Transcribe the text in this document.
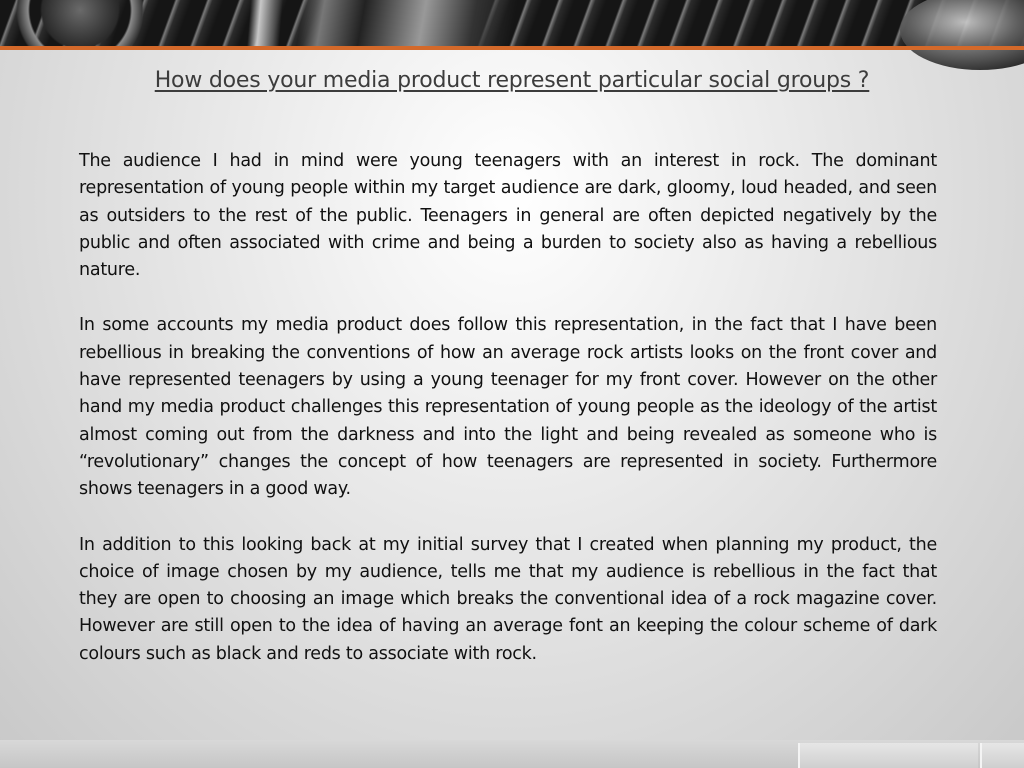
How does your media product represent particular social groups ?

The audience I had in mind were young teenagers with an interest in rock. The dominant representation of young people within my target audience are dark, gloomy, loud headed, and seen as outsiders to the rest of the public. Teenagers in general are often depicted negatively by the public and often associated with crime and being a burden to society also as having a rebellious nature.

In some accounts my media product does follow this representation, in the fact that I have been rebellious in breaking the conventions of how an average rock artists looks on the front cover and have represented teenagers by using a young teenager for my front cover. However on the other hand my media product challenges this representation of young people as the ideology of the artist almost coming out from the darkness and into the light and being revealed as someone who is “revolutionary” changes the concept of how teenagers are represented in society. Furthermore shows teenagers in a good way.

In addition to this looking back at my initial survey that I created when planning my product, the choice of image chosen by my audience, tells me that my audience is rebellious in the fact that they are open to choosing an image which breaks the conventional idea of a rock magazine cover. However are still open to the idea of having an average font an keeping the colour scheme of dark colours such as black and reds to associate with rock.
